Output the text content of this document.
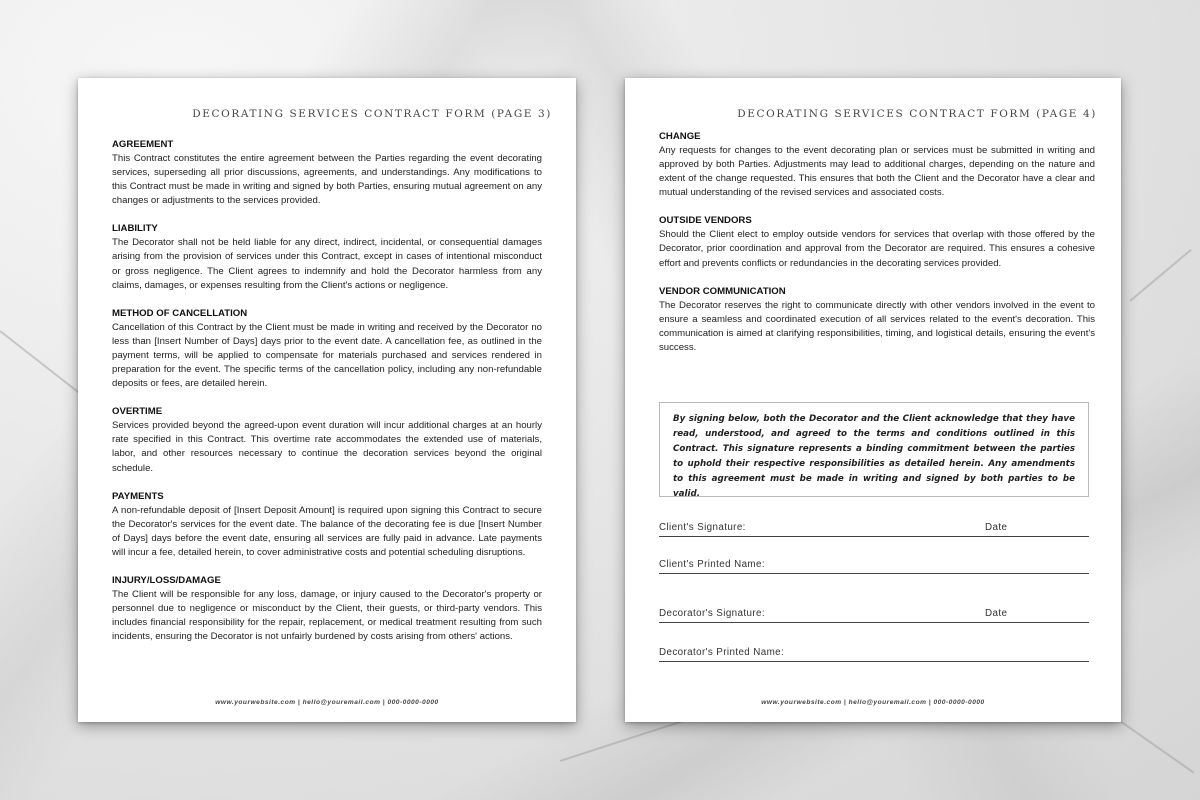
DECORATING SERVICES CONTRACT FORM (PAGE 3)
AGREEMENT

This Contract constitutes the entire agreement between the Parties regarding the event decorating services, superseding all prior discussions, agreements, and understandings. Any modifications to this Contract must be made in writing and signed by both Parties, ensuring mutual agreement on any changes or adjustments to the services provided.

LIABILITY

The Decorator shall not be held liable for any direct, indirect, incidental, or consequential damages arising from the provision of services under this Contract, except in cases of intentional misconduct or gross negligence. The Client agrees to indemnify and hold the Decorator harmless from any claims, damages, or expenses resulting from the Client's actions or negligence.

METHOD OF CANCELLATION

Cancellation of this Contract by the Client must be made in writing and received by the Decorator no less than [Insert Number of Days] days prior to the event date. A cancellation fee, as outlined in the payment terms, will be applied to compensate for materials purchased and services rendered in preparation for the event. The specific terms of the cancellation policy, including any non-refundable deposits or fees, are detailed herein.

OVERTIME

Services provided beyond the agreed-upon event duration will incur additional charges at an hourly rate specified in this Contract. This overtime rate accommodates the extended use of materials, labor, and other resources necessary to continue the decoration services beyond the original schedule.

PAYMENTS

A non-refundable deposit of [Insert Deposit Amount] is required upon signing this Contract to secure the Decorator's services for the event date. The balance of the decorating fee is due [Insert Number of Days] days before the event date, ensuring all services are fully paid in advance. Late payments will incur a fee, detailed herein, to cover administrative costs and potential scheduling disruptions.

INJURY/LOSS/DAMAGE

The Client will be responsible for any loss, damage, or injury caused to the Decorator's property or personnel due to negligence or misconduct by the Client, their guests, or third-party vendors. This includes financial responsibility for the repair, replacement, or medical treatment resulting from such incidents, ensuring the Decorator is not unfairly burdened by costs arising from others' actions.

www.yourwebsite.com | hello@youremail.com | 000-0000-0000
DECORATING SERVICES CONTRACT FORM (PAGE 4)
CHANGE

Any requests for changes to the event decorating plan or services must be submitted in writing and approved by both Parties. Adjustments may lead to additional charges, depending on the nature and extent of the change requested. This ensures that both the Client and the Decorator have a clear and mutual understanding of the revised services and associated costs.

OUTSIDE VENDORS

Should the Client elect to employ outside vendors for services that overlap with those offered by the Decorator, prior coordination and approval from the Decorator are required. This ensures a cohesive effort and prevents conflicts or redundancies in the decorating services provided.

VENDOR COMMUNICATION

The Decorator reserves the right to communicate directly with other vendors involved in the event to ensure a seamless and coordinated execution of all services related to the event's decoration. This communication is aimed at clarifying responsibilities, timing, and logistical details, ensuring the event's success.

By signing below, both the Decorator and the Client acknowledge that they have read, understood, and agreed to the terms and conditions outlined in this Contract. This signature represents a binding commitment between the parties to uphold their respective responsibilities as detailed herein. Any amendments to this agreement must be made in writing and signed by both parties to be valid.

Client's Signature:	Date
Client's Printed Name:
Decorator's Signature:	Date
Decorator's Printed Name:
www.yourwebsite.com | hello@youremail.com | 000-0000-0000
